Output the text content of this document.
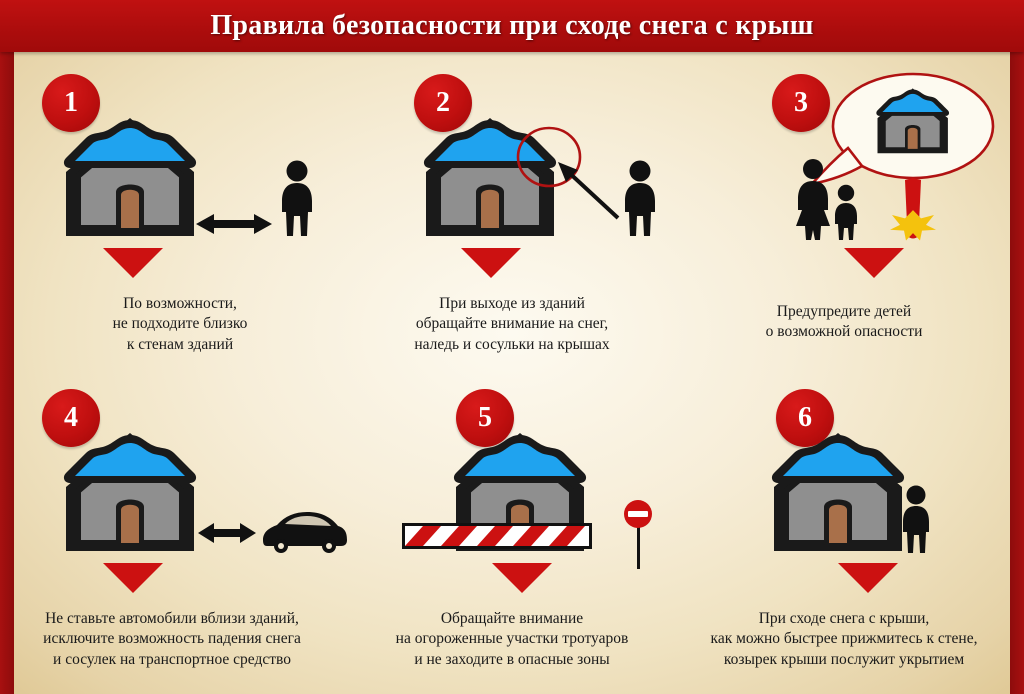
Правила безопасности при сходе снега с крыш
1
По возможности,
не подходите близко
к стенам зданий
2
При выходе из зданий
обращайте внимание на снег,
наледь и сосульки на крышах
3
Предупредите детей
о возможной опасности
4
Не ставьте автомобили вблизи зданий,
исключите возможность падения снега
и сосулек на транспортное средство
5
Обращайте внимание
на огороженные участки тротуаров
и не заходите в опасные зоны
6
При сходе снега с крыши,
как можно быстрее прижмитесь к стене,
козырек крыши послужит укрытием
